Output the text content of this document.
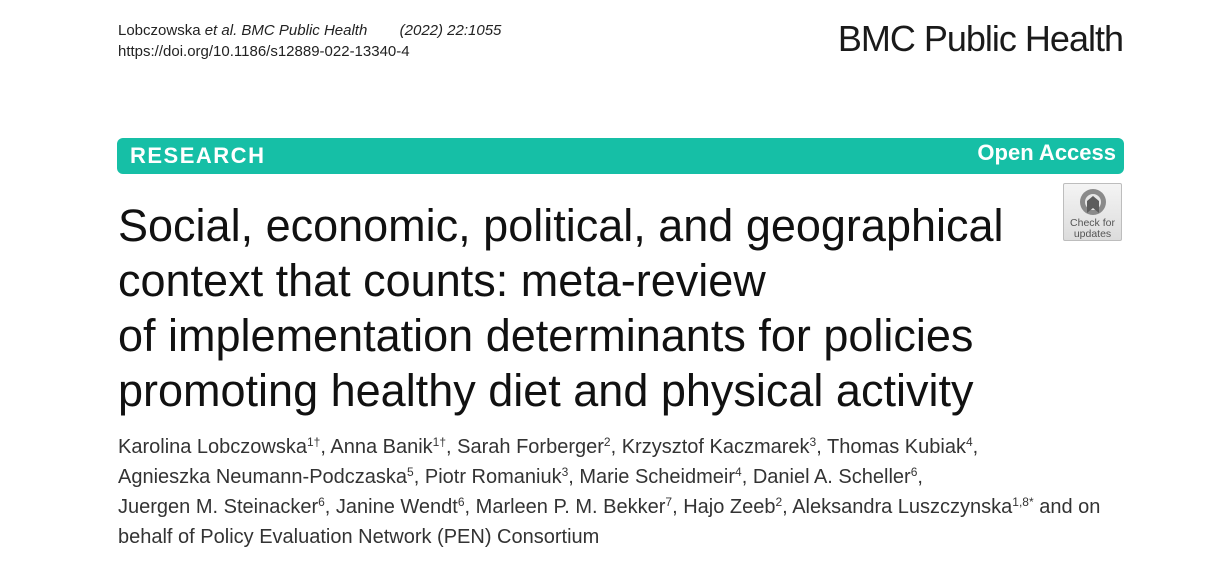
Lobczowska et al. BMC Public Health (2022) 22:1055
https://doi.org/10.1186/s12889-022-13340-4	BMC Public Health
RESEARCH	Open Access
Check for
updates
Social, economic, political, and geographical
context that counts: meta-review
of implementation determinants for policies
promoting healthy diet and physical activity
Karolina Lobczowska$^{1\dagger}$, Anna Banik$^{1\dagger}$, Sarah Forberger$^2$, Krzysztof Kaczmarek$^3$, Thomas Kubiak$^4$,
Agnieszka Neumann-Podczaska$^5$, Piotr Romaniuk$^3$, Marie Scheidmeir$^4$, Daniel A. Scheller$^6$,
Juergen M. Steinacker$^6$, Janine Wendt$^6$, Marleen P. M. Bekker$^7$, Hajo Zeeb$^2$, Aleksandra Luszczynska$^{1,8*}$ and on
behalf of Policy Evaluation Network (PEN) Consortium
